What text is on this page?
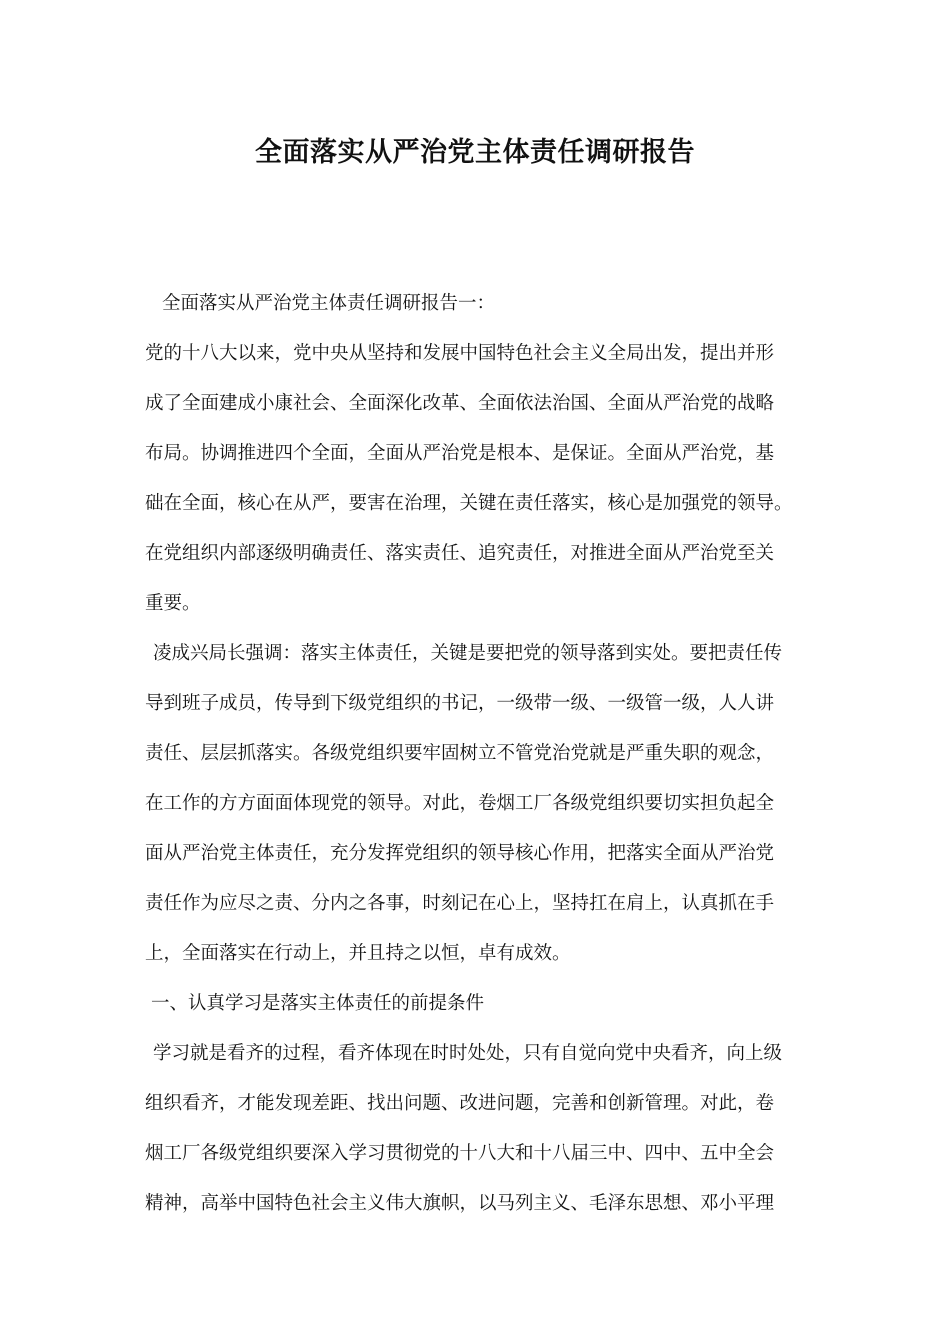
全面落实从严治党主体责任调研报告
全面落实从严治党主体责任调研报告一：
党的十八大以来，党中央从坚持和发展中国特色社会主义全局出发，提出并形
成了全面建成小康社会、全面深化改革、全面依法治国、全面从严治党的战略
布局。协调推进四个全面，全面从严治党是根本、是保证。全面从严治党，基
础在全面，核心在从严，要害在治理，关键在责任落实，核心是加强党的领导。
在党组织内部逐级明确责任、落实责任、追究责任，对推进全面从严治党至关
重要。
凌成兴局长强调：落实主体责任，关键是要把党的领导落到实处。要把责任传
导到班子成员，传导到下级党组织的书记，一级带一级、一级管一级，人人讲
责任、层层抓落实。各级党组织要牢固树立不管党治党就是严重失职的观念，
在工作的方方面面体现党的领导。对此，卷烟工厂各级党组织要切实担负起全
面从严治党主体责任，充分发挥党组织的领导核心作用，把落实全面从严治党
责任作为应尽之责、分内之各事，时刻记在心上，坚持扛在肩上，认真抓在手
上，全面落实在行动上，并且持之以恒，卓有成效。
一、认真学习是落实主体责任的前提条件
学习就是看齐的过程，看齐体现在时时处处，只有自觉向党中央看齐，向上级
组织看齐，才能发现差距、找出问题、改进问题，完善和创新管理。对此，卷
烟工厂各级党组织要深入学习贯彻党的十八大和十八届三中、四中、五中全会
精神，高举中国特色社会主义伟大旗帜，以马列主义、毛泽东思想、邓小平理
